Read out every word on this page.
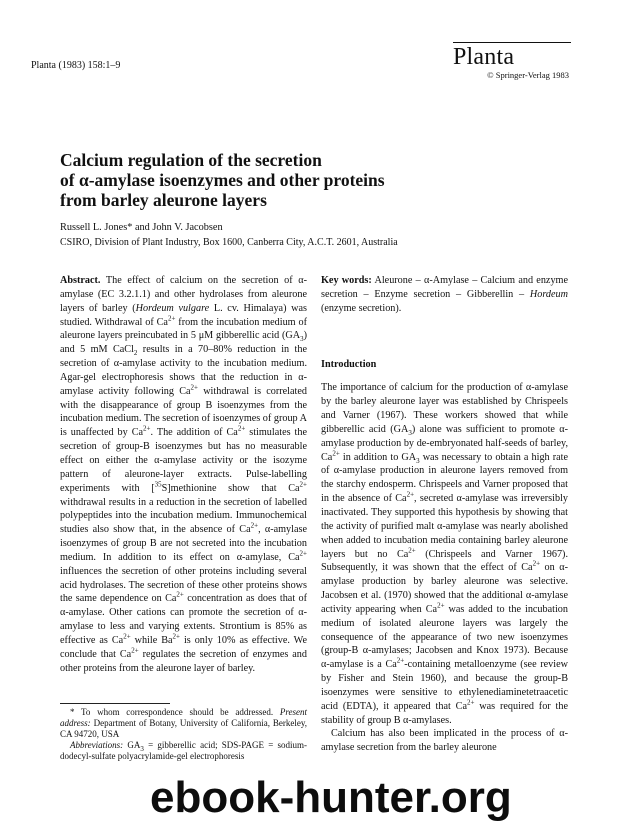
Planta (1983) 158:1–9	Planta
© Springer-Verlag 1983
Calcium regulation of the secretion
of α-amylase isoenzymes and other proteins
from barley aleurone layers
Russell L. Jones* and John V. Jacobsen
CSIRO, Division of Plant Industry, Box 1600, Canberra City, A.C.T. 2601, Australia

Abstract. The effect of calcium on the secretion of α-amylase (EC 3.2.1.1) and other hydrolases from aleurone layers of barley (Hordeum vulgare L. cv. Himalaya) was studied. Withdrawal of $Ca^{2+}$ from the incubation medium of aleurone layers preincubated in 5 μM gibberellic acid $(GA_3)$ and 5 mM CaCl$_2$ results in a 70–80% reduction in the secretion of α-amylase activity to the incubation medium. Agar-gel electrophoresis shows that the reduction in α-amylase activity following $Ca^{2+}$ withdrawal is correlated with the disappearance of group B isoenzymes from the incubation medium. The secretion of isoenzymes of group A is unaffected by $Ca^{2+}$. The addition of $Ca^{2+}$ stimulates the secretion of group-B isoenzymes but has no measurable effect on either the α-amylase activity or the isozyme pattern of aleurone-layer extracts. Pulse-labelling experiments with [$^{35}$S]methionine show that $Ca^{2+}$ withdrawal results in a reduction in the secretion of labelled polypeptides into the incubation medium. Immunochemical studies also show that, in the absence of $Ca^{2+}$, α-amylase isoenzymes of group B are not secreted into the incubation medium. In addition to its effect on α-amylase, $Ca^{2+}$ influences the secretion of other proteins including several acid hydrolases. The secretion of these other proteins shows the same dependence on $Ca^{2+}$ concentration as does that of α-amylase. Other cations can promote the secretion of α-amylase to less and varying extents. Strontium is 85% as effective as $Ca^{2+}$ while $Ba^{2+}$ is only 10% as effective. We conclude that $Ca^{2+}$ regulates the secretion of enzymes and other proteins from the aleurone layer of barley.

* To whom correspondence should be addressed. Present address: Department of Botany, University of California, Berkeley, CA 94720, USA

Abbreviations: $GA_3$ = gibberellic acid; SDS-PAGE = sodium-dodecyl-sulfate polyacrylamide-gel electrophoresis

Key words: Aleurone – α-Amylase – Calcium and enzyme secretion – Enzyme secretion – Gibberellin – Hordeum (enzyme secretion).

Introduction

The importance of calcium for the production of α-amylase by the barley aleurone layer was established by Chrispeels and Varner (1967). These workers showed that while gibberellic acid $(GA_3)$ alone was sufficient to promote α-amylase production by de-embryonated half-seeds of barley, $Ca^{2+}$ in addition to $GA_3$ was necessary to obtain a high rate of α-amylase production in aleurone layers removed from the starchy endosperm. Chrispeels and Varner proposed that in the absence of $Ca^{2+}$, secreted α-amylase was irreversibly inactivated. They supported this hypothesis by showing that the activity of purified malt α-amylase was nearly abolished when added to incubation media containing barley aleurone layers but no $Ca^{2+}$ (Chrispeels and Varner 1967). Subsequently, it was shown that the effect of $Ca^{2+}$ on α-amylase production by barley aleurone was selective. Jacobsen et al. (1970) showed that the additional α-amylase activity appearing when $Ca^{2+}$ was added to the incubation medium of isolated aleurone layers was largely the consequence of the appearance of two new isoenzymes (group-B α-amylases; Jacobsen and Knox 1973). Because α-amylase is a $Ca^{2+}$-containing metalloenzyme (see review by Fisher and Stein 1960), and because the group-B isoenzymes were sensitive to ethylenediaminetetraacetic acid (EDTA), it appeared that $Ca^{2+}$ was required for the stability of group B α-amylases.

Calcium has also been implicated in the process of α-amylase secretion from the barley aleurone

ebook-hunter.org
